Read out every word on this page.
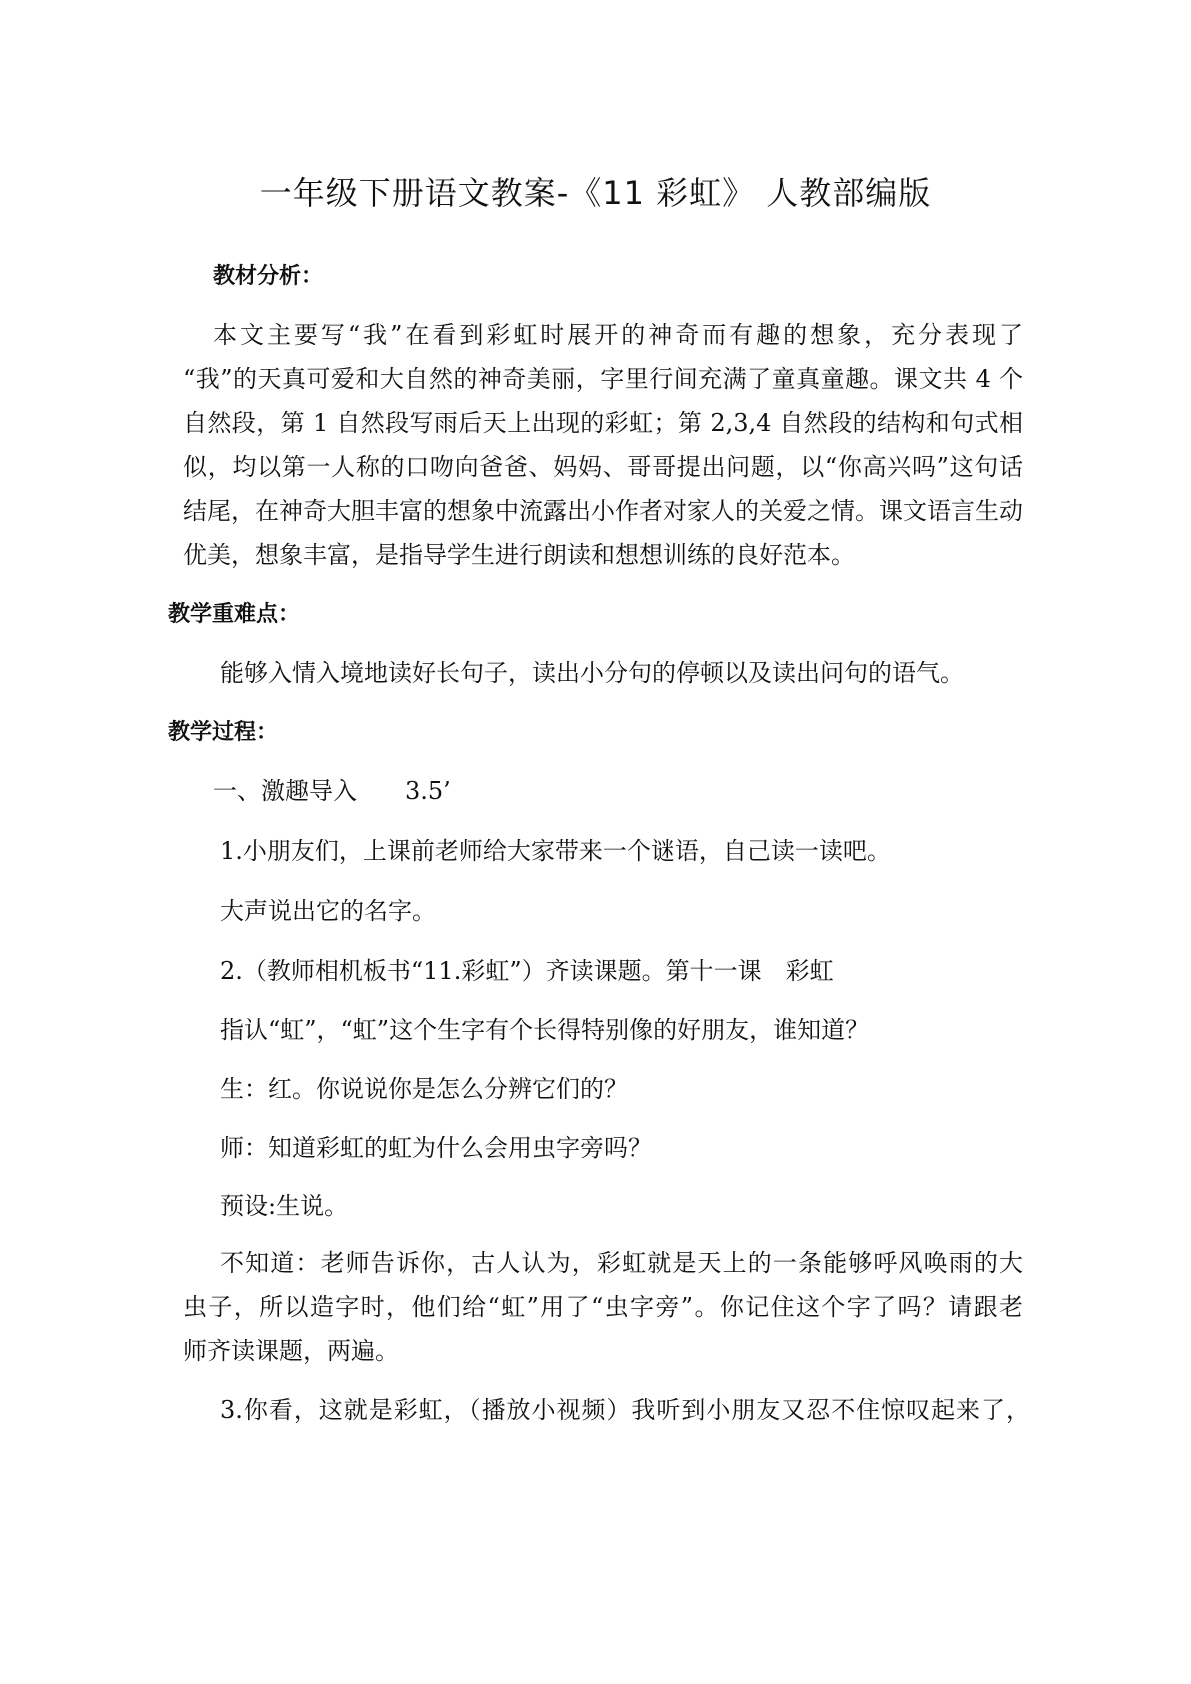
一年级下册语文教案-《11 彩虹》 人教部编版
教材分析：
本文主要写“我”在看到彩虹时展开的神奇而有趣的想象，充分表现了
“我”的天真可爱和大自然的神奇美丽，字里行间充满了童真童趣。课文共 4 个
自然段，第 1 自然段写雨后天上出现的彩虹；第 2,3,4 自然段的结构和句式相
似，均以第一人称的口吻向爸爸、妈妈、哥哥提出问题，以“你高兴吗”这句话
结尾，在神奇大胆丰富的想象中流露出小作者对家人的关爱之情。课文语言生动
优美，想象丰富，是指导学生进行朗读和想想训练的良好范本。
教学重难点：
能够入情入境地读好长句子，读出小分句的停顿以及读出问句的语气。
教学过程：
一、激趣导入　　3.5’
1.小朋友们，上课前老师给大家带来一个谜语，自己读一读吧。
大声说出它的名字。
2.（教师相机板书“11.彩虹”）齐读课题。第十一课　彩虹
指认“虹”，“虹”这个生字有个长得特别像的好朋友，谁知道？
生：红。你说说你是怎么分辨它们的？
师：知道彩虹的虹为什么会用虫字旁吗？
预设:生说。
不知道：老师告诉你，古人认为，彩虹就是天上的一条能够呼风唤雨的大
虫子，所以造字时，他们给“虹”用了“虫字旁”。你记住这个字了吗？请跟老
师齐读课题，两遍。
3.你看，这就是彩虹，（播放小视频）我听到小朋友又忍不住惊叹起来了，
